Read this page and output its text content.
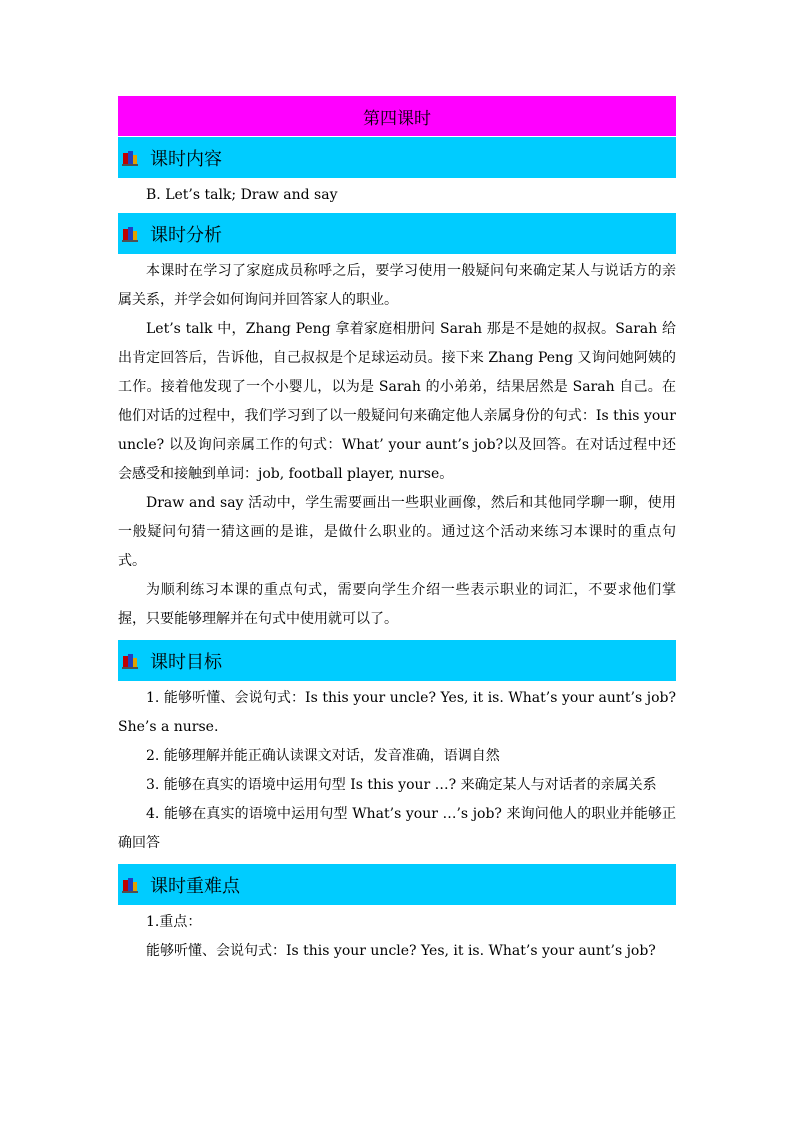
第四课时
课时内容
B. Let’s talk; Draw and say
课时分析

本课时在学习了家庭成员称呼之后，要学习使用一般疑问句来确定某人与说话方的亲属关系，并学会如何询问并回答家人的职业。

Let’s talk 中，Zhang Peng 拿着家庭相册问 Sarah 那是不是她的叔叔。Sarah 给出肯定回答后，告诉他，自己叔叔是个足球运动员。接下来 Zhang Peng 又询问她阿姨的工作。接着他发现了一个小婴儿，以为是 Sarah 的小弟弟，结果居然是 Sarah 自己。在他们对话的过程中，我们学习到了以一般疑问句来确定他人亲属身份的句式：Is this your uncle? 以及询问亲属工作的句式：What’ your aunt’s job?以及回答。在对话过程中还会感受和接触到单词：job, football player, nurse。

Draw and say 活动中，学生需要画出一些职业画像，然后和其他同学聊一聊，使用一般疑问句猜一猜这画的是谁，是做什么职业的。通过这个活动来练习本课时的重点句式。

为顺利练习本课的重点句式，需要向学生介绍一些表示职业的词汇，不要求他们掌握，只要能够理解并在句式中使用就可以了。

课时目标

1. 能够听懂、会说句式：Is this your uncle? Yes, it is. What’s your aunt’s job? She’s a nurse.

2. 能够理解并能正确认读课文对话，发音准确，语调自然

3. 能够在真实的语境中运用句型 Is this your …? 来确定某人与对话者的亲属关系

4. 能够在真实的语境中运用句型 What’s your …’s job? 来询问他人的职业并能够正确回答

课时重难点

1.重点：

能够听懂、会说句式：Is this your uncle? Yes, it is. What’s your aunt’s job?
